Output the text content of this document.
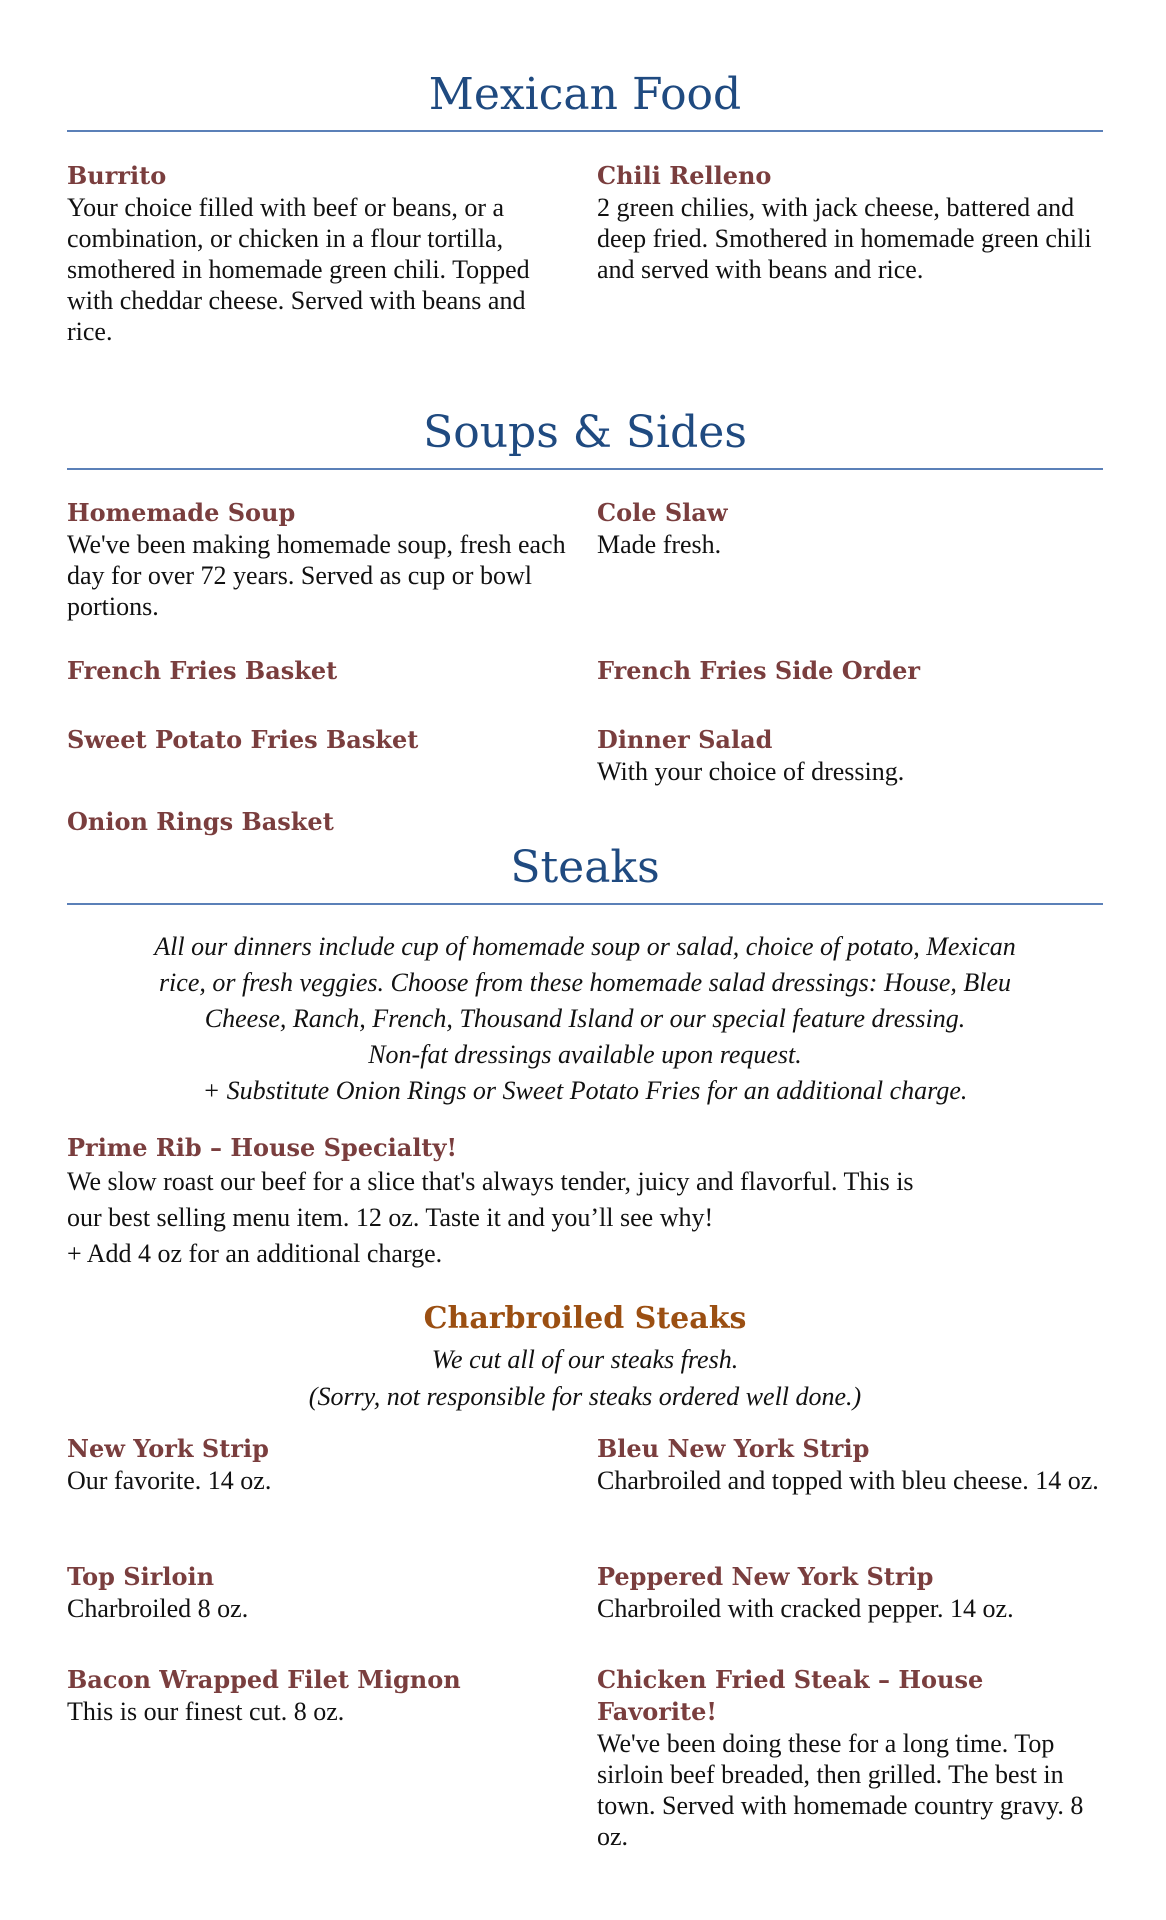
Mexican Food

Burrito

Your choice filled with beef or beans, or a combination, or chicken in a flour tortilla, smothered in homemade green chili. Topped with cheddar cheese. Served with beans and rice.

Chili Relleno

2 green chilies, with jack cheese, battered and deep fried. Smothered in homemade green chili and served with beans and rice.

Soups & Sides

Homemade Soup

We've been making homemade soup, fresh each day for over 72 years. Served as cup or bowl portions.

Cole Slaw

Made fresh.

French Fries Basket	French Fries Side Order

Sweet Potato Fries Basket	Dinner Salad

With your choice of dressing.

Onion Rings Basket

Steaks
All our dinners include cup of homemade soup or salad, choice of potato, Mexican
rice, or fresh veggies. Choose from these homemade salad dressings: House, Bleu
Cheese, Ranch, French, Thousand Island or our special feature dressing.
Non-fat dressings available upon request.
+ Substitute Onion Rings or Sweet Potato Fries for an additional charge.

Prime Rib – House Specialty!

We slow roast our beef for a slice that's always tender, juicy and flavorful. This is

our best selling menu item. 12 oz. Taste it and you’ll see why!

+ Add 4 oz for an additional charge.

Charbroiled Steaks
We cut all of our steaks fresh.
(Sorry, not responsible for steaks ordered well done.)

New York Strip

Our favorite. 14 oz.

Bleu New York Strip

Charbroiled and topped with bleu cheese. 14 oz.

Top Sirloin

Charbroiled 8 oz.

Peppered New York Strip

Charbroiled with cracked pepper. 14 oz.

Bacon Wrapped Filet Mignon

This is our finest cut. 8 oz.

Chicken Fried Steak – House Favorite!

We've been doing these for a long time. Top sirloin beef breaded, then grilled. The best in town. Served with homemade country gravy. 8 oz.
